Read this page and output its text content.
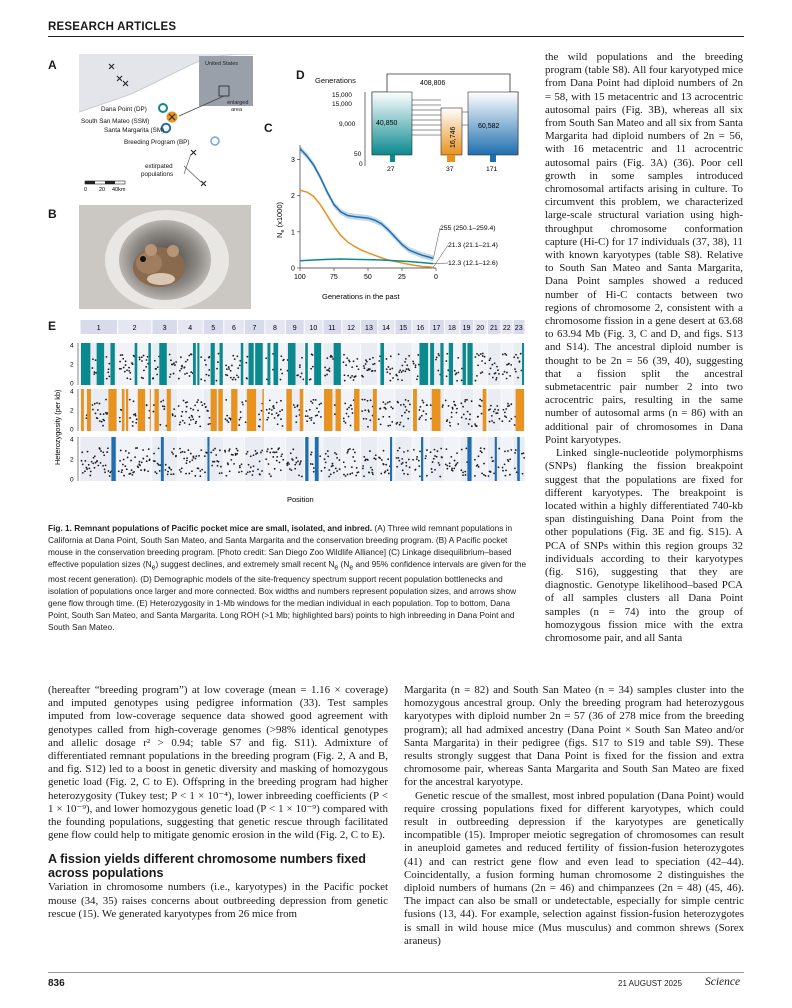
RESEARCH ARTICLES
A	United States
enlarged
area
Dana Point (DP)
South San Mateo (SSM)
Santa Margarita (SM)
Breeding Program (BP)
extirpated
populations
0 20 40km
B
D Generations
15,000
15,000
9,000
50
0
408,806
40,850
16,746
60,582
27	37	171
C
$N_e$ (x1000)
Generations in the past
255 (250.1–259.4)
21.3 (21.1–21.4)
12.3 (12.1–12.6)
0
1
2
3
100	75	50	25	0
E
Heterozygosity (per kb)
Position
1	2	3	4	5 6 7 8 9 10 11 12 13 14 15 16 17 18 19 20 21 22 23
4
2
0
4
2
0
4
2
0
Fig. 1. Remnant populations of Pacific pocket mice are small, isolated, and inbred. (A) Three wild remnant populations in California at Dana Point, South San Mateo, and Santa Margarita and the conservation breeding program. (B) A Pacific pocket mouse in the conservation breeding program. [Photo credit: San Diego Zoo Wildlife Alliance] (C) Linkage disequilibrium–based effective population sizes $(N_e)$ suggest declines, and extremely small recent $N_e$ ($N_e$ and 95% confidence intervals are given for the most recent generation). (D) Demographic models of the site-frequency spectrum support recent population bottlenecks and isolation of populations once larger and more connected. Box widths and numbers represent population sizes, and arrows show gene flow through time. (E) Heterozygosity in 1-Mb windows for the median individual in each population. Top to bottom, Dana Point, South San Mateo, and Santa Margarita. Long ROH (>1 Mb; highlighted bars) points to high inbreeding in Dana Point and South San Mateo.

the wild populations and the breeding program (table S8). All four karyotyped mice from Dana Point had diploid numbers of 2n = 58, with 15 metacentric and 13 acrocentric autosomal pairs (Fig. 3B), whereas all six from South San Mateo and all six from Santa Margarita had diploid numbers of 2n = 56, with 16 metacentric and 11 acrocentric autosomal pairs (Fig. 3A) (36). Poor cell growth in some samples introduced chromosomal artifacts arising in culture. To circumvent this problem, we characterized large-scale structural variation using high-throughput chromosome conformation capture (Hi-C) for 17 individuals (37, 38), 11 with known karyotypes (table S8). Relative to South San Mateo and Santa Margarita, Dana Point samples showed a reduced number of Hi-C contacts between two regions of chromosome 2, consistent with a chromosome fission in a gene desert at 63.68 to 63.94 Mb (Fig. 3, C and D, and figs. S13 and S14). The ancestral diploid number is thought to be 2n = 56 (39, 40), suggesting that a fission split the ancestral submetacentric pair number 2 into two acrocentric pairs, resulting in the same number of autosomal arms (n = 86) with an additional pair of chromosomes in Dana Point karyotypes.

Linked single-nucleotide polymorphisms (SNPs) flanking the fission breakpoint suggest that the populations are fixed for different karyotypes. The breakpoint is located within a highly differentiated 740-kb span distinguishing Dana Point from the other populations (Fig. 3E and fig. S15). A PCA of SNPs within this region groups 32 individuals according to their karyotypes (fig. S16), suggesting that they are diagnostic. Genotype likelihood–based PCA of all samples clusters all Dana Point samples (n = 74) into the group of homozygous fission mice with the extra chromosome pair, and all Santa

(hereafter “breeding program”) at low coverage (mean = 1.16 × coverage) and imputed genotypes using pedigree information (33). Test samples imputed from low-coverage sequence data showed good agreement with genotypes called from high-coverage genomes (>98% identical genotypes and allelic dosage r² > 0.94; table S7 and fig. S11). Admixture of differentiated remnant populations in the breeding program (Fig. 2, A and B, and fig. S12) led to a boost in genetic diversity and masking of homozygous genetic load (Fig. 2, C to E). Offspring in the breeding program had higher heterozygosity (Tukey test; P < 1 × 10⁻⁴), lower inbreeding coefficients (P < 1 × 10⁻⁹), and lower homozygous genetic load (P < 1 × 10⁻⁹) compared with the founding populations, suggesting that genetic rescue through facilitated gene flow could help to mitigate genomic erosion in the wild (Fig. 2, C to E).

A fission yields different chromosome numbers fixed
across populations

Variation in chromosome numbers (i.e., karyotypes) in the Pacific pocket mouse (34, 35) raises concerns about outbreeding depression from genetic rescue (15). We generated karyotypes from 26 mice from

Margarita (n = 82) and South San Mateo (n = 34) samples cluster into the homozygous ancestral group. Only the breeding program had heterozygous karyotypes with diploid number 2n = 57 (36 of 278 mice from the breeding program); all had admixed ancestry (Dana Point × South San Mateo and/or Santa Margarita) in their pedigree (figs. S17 to S19 and table S9). These results strongly suggest that Dana Point is fixed for the fission and extra chromosome pair, whereas Santa Margarita and South San Mateo are fixed for the ancestral karyotype.

Genetic rescue of the smallest, most inbred population (Dana Point) would require crossing populations fixed for different karyotypes, which could result in outbreeding depression if the karyotypes are genetically incompatible (15). Improper meiotic segregation of chromosomes can result in aneuploid gametes and reduced fertility of fission-fusion heterozygotes (41) and can restrict gene flow and even lead to speciation (42–44). Coincidentally, a fusion forming human chromosome 2 distinguishes the diploid numbers of humans (2n = 46) and chimpanzees (2n = 48) (45, 46). The impact can also be small or undetectable, especially for simple centric fusions (13, 44). For example, selection against fission-fusion heterozygotes is small in wild house mice (Mus musculus) and common shrews (Sorex araneus)

836	21 AUGUST 2025 Science
